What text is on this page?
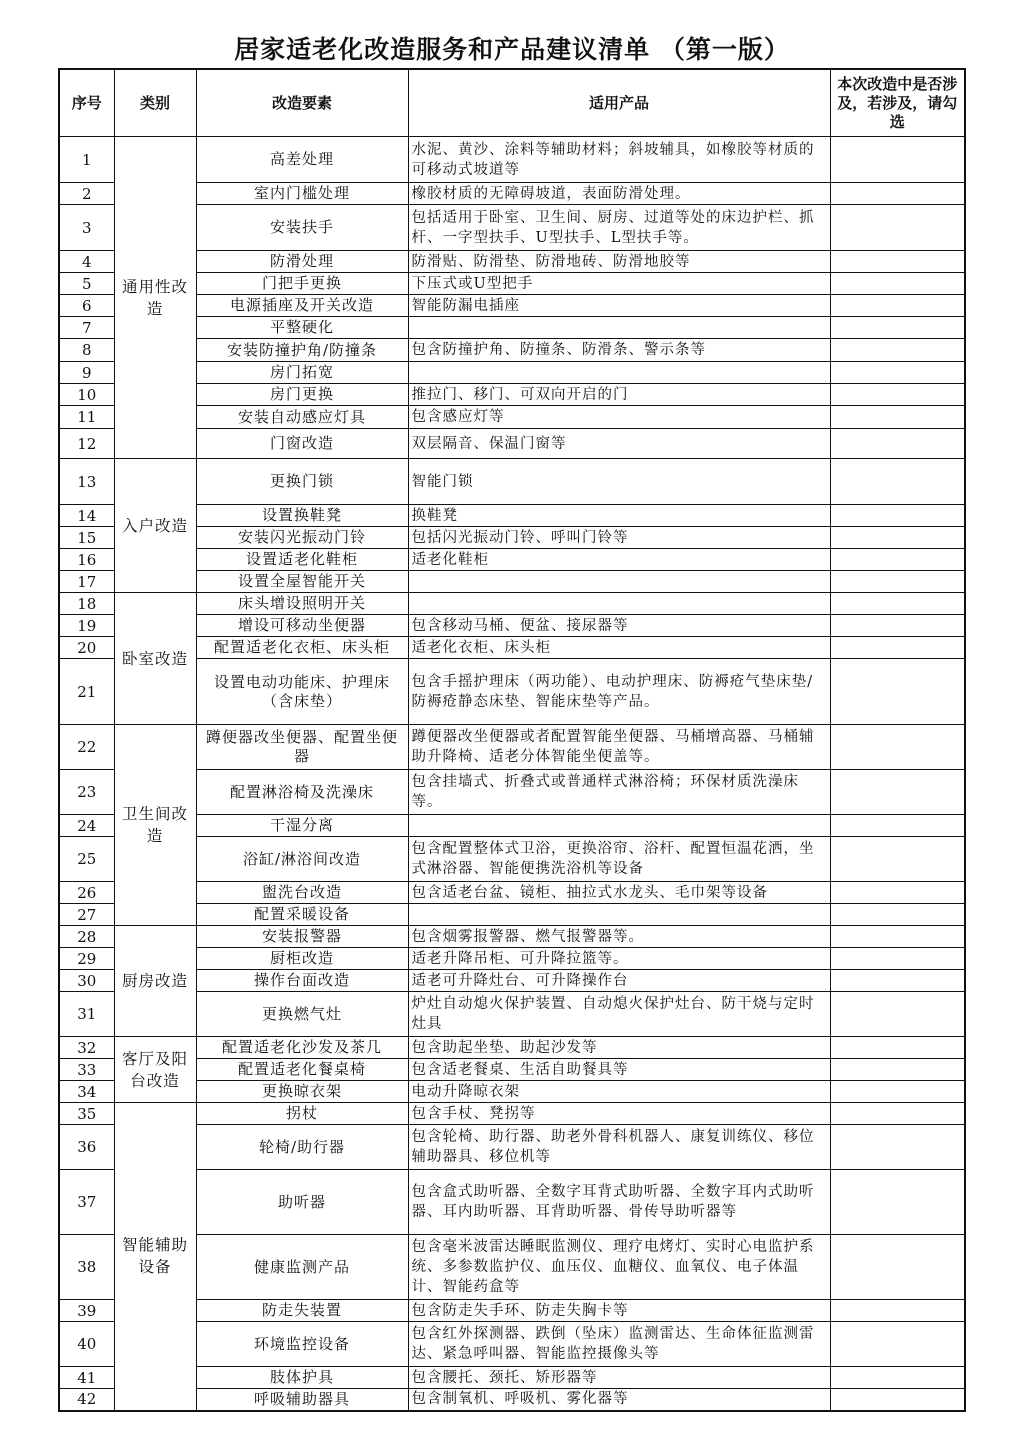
居家适老化改造服务和产品建议清单 （第一版）
序号	类别	改造要素	适用产品	本次改造中是否涉及，若涉及，请勾选
1	通用性改造	高差处理	水泥、黄沙、涂料等辅助材料；斜坡辅具，如橡胶等材质的可移动式坡道等	
2		室内门槛处理	橡胶材质的无障碍坡道，表面防滑处理。	
3		安装扶手	包括适用于卧室、卫生间、厨房、过道等处的床边护栏、抓杆、一字型扶手、U型扶手、L型扶手等。	
4		防滑处理	防滑贴、防滑垫、防滑地砖、防滑地胶等	
5		门把手更换	下压式或U型把手	
6		电源插座及开关改造	智能防漏电插座	
7		平整硬化		
8		安装防撞护角/防撞条	包含防撞护角、防撞条、防滑条、警示条等	
9		房门拓宽		
10		房门更换	推拉门、移门、可双向开启的门	
11		安装自动感应灯具	包含感应灯等	
12		门窗改造	双层隔音、保温门窗等	
13	入户改造	更换门锁	智能门锁	
14		设置换鞋凳	换鞋凳	
15		安装闪光振动门铃	包括闪光振动门铃、呼叫门铃等	
16		设置适老化鞋柜	适老化鞋柜	
17		设置全屋智能开关		
18	卧室改造	床头增设照明开关		
19		增设可移动坐便器	包含移动马桶、便盆、接尿器等	
20		配置适老化衣柜、床头柜	适老化衣柜、床头柜	
21		设置电动功能床、护理床（含床垫）	包含手摇护理床（两功能）、电动护理床、防褥疮气垫床垫/防褥疮静态床垫、智能床垫等产品。	
22	卫生间改造	蹲便器改坐便器、配置坐便器	蹲便器改坐便器或者配置智能坐便器、马桶增高器、马桶辅助升降椅、适老分体智能坐便盖等。	
23		配置淋浴椅及洗澡床	包含挂墙式、折叠式或普通样式淋浴椅；环保材质洗澡床等。	
24		干湿分离		
25		浴缸/淋浴间改造	包含配置整体式卫浴，更换浴帘、浴杆、配置恒温花洒，坐式淋浴器、智能便携洗浴机等设备	
26		盥洗台改造	包含适老台盆、镜柜、抽拉式水龙头、毛巾架等设备	
27		配置采暖设备		
28	厨房改造	安装报警器	包含烟雾报警器、燃气报警器等。	
29		厨柜改造	适老升降吊柜、可升降拉篮等。	
30		操作台面改造	适老可升降灶台、可升降操作台	
31		更换燃气灶	炉灶自动熄火保护装置、自动熄火保护灶台、防干烧与定时灶具	
32	客厅及阳台改造	配置适老化沙发及茶几	包含助起坐垫、助起沙发等	
33		配置适老化餐桌椅	包含适老餐桌、生活自助餐具等	
34		更换晾衣架	电动升降晾衣架	
35	智能辅助设备	拐杖	包含手杖、凳拐等	
36		轮椅/助行器	包含轮椅、助行器、助老外骨科机器人、康复训练仪、移位辅助器具、移位机等	
37		助听器	包含盒式助听器、全数字耳背式助听器、全数字耳内式助听器、耳内助听器、耳背助听器、骨传导助听器等	
38		健康监测产品	包含毫米波雷达睡眠监测仪、理疗电烤灯、实时心电监护系统、多参数监护仪、血压仪、血糖仪、血氧仪、电子体温计、智能药盒等	
39		防走失装置	包含防走失手环、防走失胸卡等	
40		环境监控设备	包含红外探测器、跌倒（坠床）监测雷达、生命体征监测雷达、紧急呼叫器、智能监控摄像头等	
41		肢体护具	包含腰托、颈托、矫形器等	
42		呼吸辅助器具	包含制氧机、呼吸机、雾化器等	
